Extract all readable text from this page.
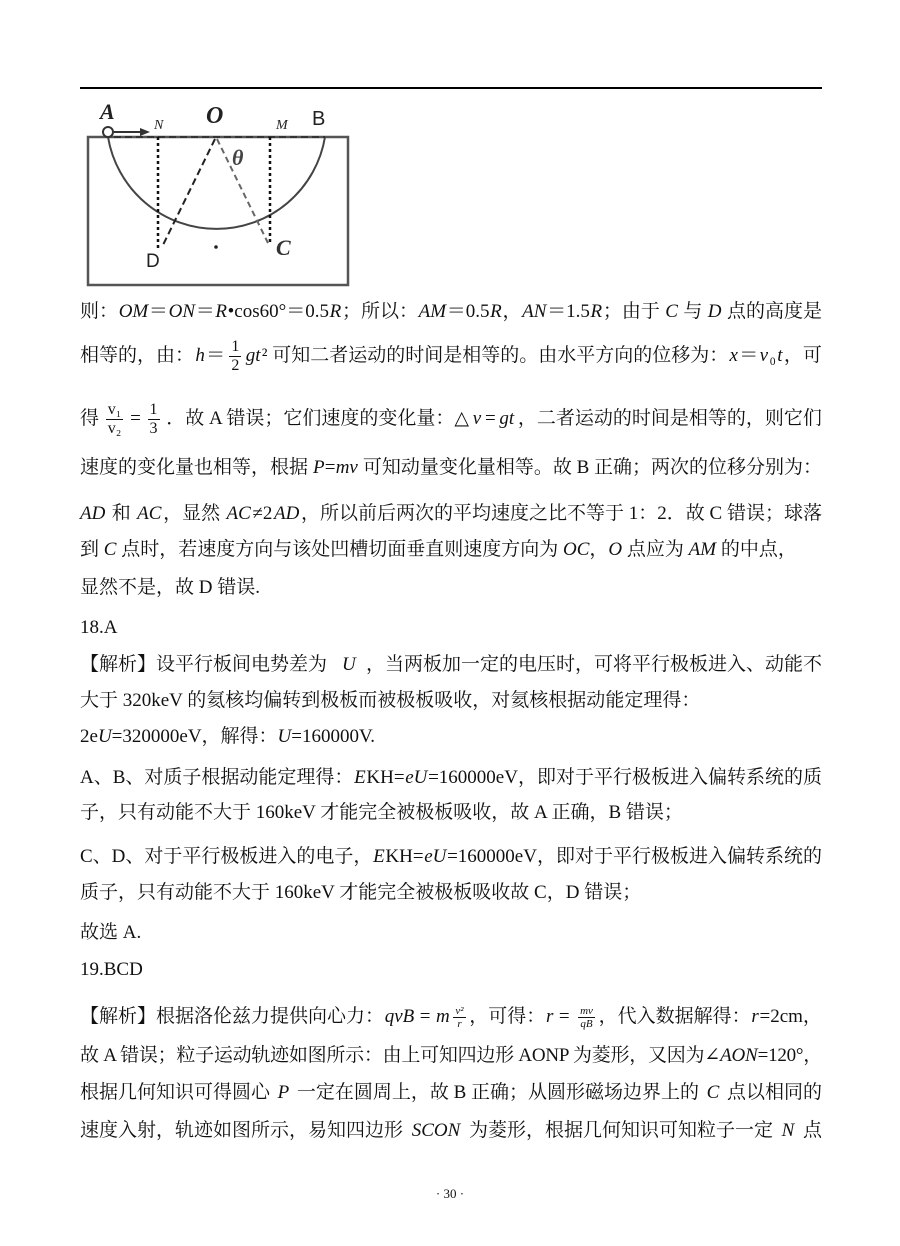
A
N O	M B
θ
D
C
则： OM ＝ ON ＝ R •cos60°＝0.5 R ；所以： AM ＝0.5 R ， AN ＝1.5 R ；由于 C 与 D 点的高度是
相等的，由： $h = \frac{1}{2}$ gt ² 可知二者运动的时间是相等的。由水平方向的位移为： x ＝ v ₀ t ，可
得 $\frac{\text{v₁}}{\text{v₂}} = \frac{1}{3}$ ．故 A 错误；它们速度的变化量：△ v = gt ，二者运动的时间是相等的，则它们
速度的变化量也相等，根据 P = mv 可知动量变化量相等。故 B 正确；两次的位移分别为：
AD 和 AC ，显然 AC ≠2 AD ，所以前后两次的平均速度之比不等于 1：2．故 C 错误；球落
到 C 点时，若速度方向与该处凹槽切面垂直则速度方向为 OC ， O 点应为 AM 的中点，
显然不是，故 D 错误.
18.A
【解析】设平行板间电势差为 U ，当两板加一定的电压时，可将平行极板进入、动能不
大于 320keV 的氦核均偏转到极板而被极板吸收，对氦核根据动能定理得：
2e U =320000eV，解得： U =160000V.
A、B、对质子根据动能定理得： E KH= eU =160000eV，即对于平行极板进入偏转系统的质
子，只有动能不大于 160keV 才能完全被极板吸收，故 A 正确，B 错误；
C、D、对于平行极板进入的电子， E KH= eU =160000eV，即对于平行极板进入偏转系统的
质子，只有动能不大于 160keV 才能完全被极板吸收故 C，D 错误；
故选 A.
19.BCD
【解析】根据洛伦兹力提供向心力： qvB = m $\frac{\text{v²}}{r}$ ，可得： $r = \frac{mv}{qB}$ ，代入数据解得： r =2cm，
故 A 错误；粒子运动轨迹如图所示：由上可知四边形 AONP 为菱形，又因为∠ AON =120°，
根据几何知识可得圆心 P 一定在圆周上，故 B 正确；从圆形磁场边界上的 C 点以相同的
速度入射，轨迹如图所示，易知四边形 SCON 为菱形，根据几何知识可知粒子一定 N 点
· 30 ·
